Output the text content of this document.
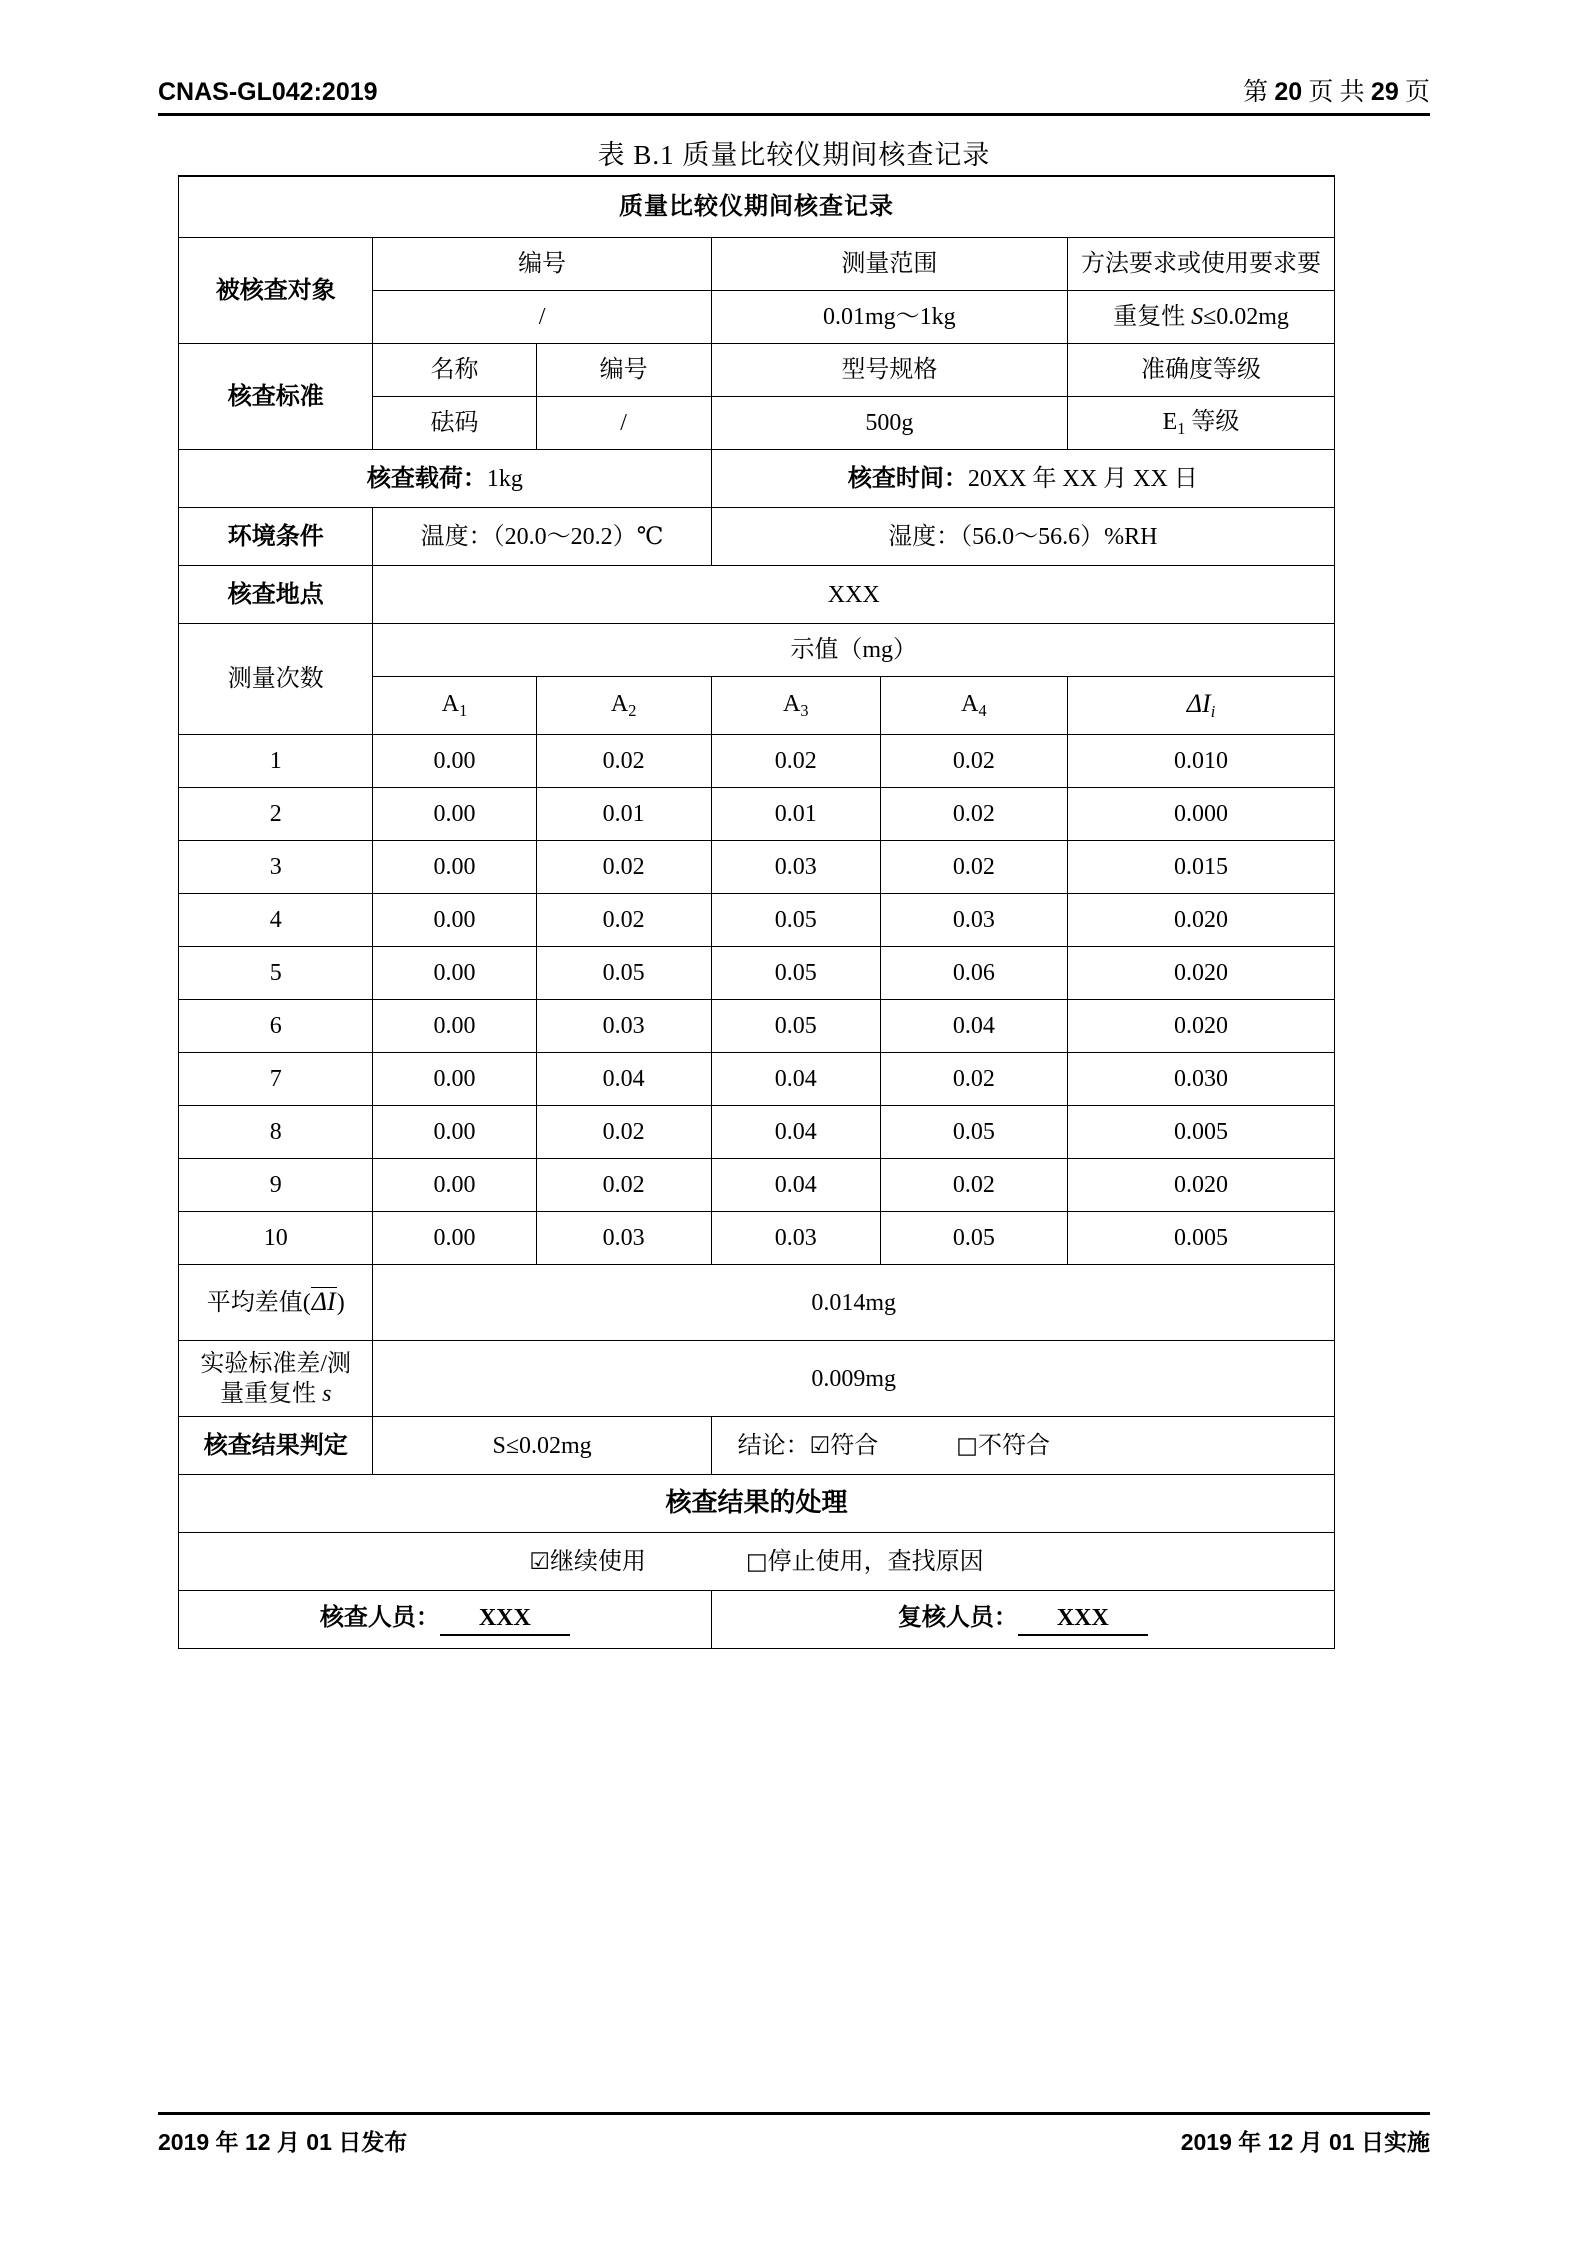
CNAS-GL042:2019	第 20 页 共 29 页
表 B.1 质量比较仪期间核查记录
质量比较仪期间核查记录					
被核查对象	编号		测量范围		方法要求或使用要求要
	/		0.01mg～1kg		重复性 S≤0.02mg
核查标准	名称	编号	型号规格		准确度等级
	砝码	/	500g		$E_1$ 等级
核查载荷：1kg			核查时间：20XX 年 XX 月 XX 日		
环境条件	温度：（20.0～20.2）℃		湿度：（56.0～56.6）%RH		
核查地点	XXX				
测量次数	示值（mg）				
	$A_1$	$A_2$	$A_3$	$A_4$	$\Delta I_i$
1	0.00	0.02	0.02	0.02	0.010
2	0.00	0.01	0.01	0.02	0.000
3	0.00	0.02	0.03	0.02	0.015
4	0.00	0.02	0.05	0.03	0.020
5	0.00	0.05	0.05	0.06	0.020
6	0.00	0.03	0.05	0.04	0.020
7	0.00	0.04	0.04	0.02	0.030
8	0.00	0.02	0.04	0.05	0.005
9	0.00	0.02	0.04	0.02	0.020
10	0.00	0.03	0.03	0.05	0.005
平均差值(ΔI)	0.014mg				

实验标准差/测
量重复性 s	0.009mg				
核查结果判定	S≤0.02mg		结论：☑符合 □不符合		

核查结果的处理					

☑继续使用 □停止使用，查找原因					

核查人员： XXX			复核人员： XXX		
2019 年 12 月 01 日发布	2019 年 12 月 01 日实施
